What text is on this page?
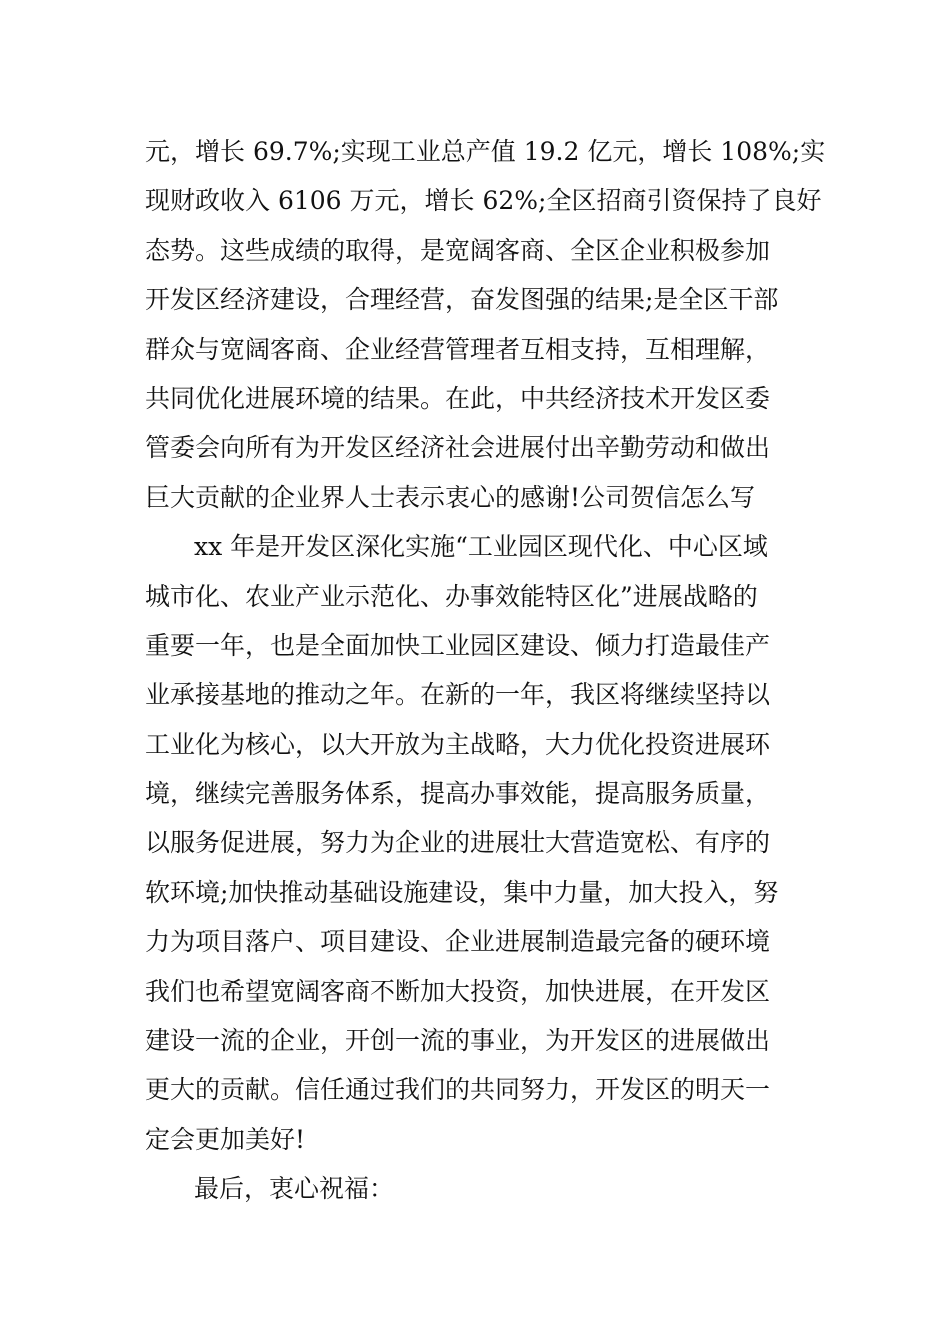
元，增长 69.7%;实现工业总产值 19.2 亿元，增长 108%;实
现财政收入 6106 万元，增长 62%;全区招商引资保持了良好
态势。这些成绩的取得，是宽阔客商、全区企业积极参加
开发区经济建设，合理经营，奋发图强的结果;是全区干部
群众与宽阔客商、企业经营管理者互相支持，互相理解，
共同优化进展环境的结果。在此，中共经济技术开发区委
管委会向所有为开发区经济社会进展付出辛勤劳动和做出
巨大贡献的企业界人士表示衷心的感谢!公司贺信怎么写
xx 年是开发区深化实施“工业园区现代化、中心区域
城市化、农业产业示范化、办事效能特区化”进展战略的
重要一年，也是全面加快工业园区建设、倾力打造最佳产
业承接基地的推动之年。在新的一年，我区将继续坚持以
工业化为核心，以大开放为主战略，大力优化投资进展环
境，继续完善服务体系，提高办事效能，提高服务质量，
以服务促进展，努力为企业的进展壮大营造宽松、有序的
软环境;加快推动基础设施建设，集中力量，加大投入，努
力为项目落户、项目建设、企业进展制造最完备的硬环境
我们也希望宽阔客商不断加大投资，加快进展，在开发区
建设一流的企业，开创一流的事业，为开发区的进展做出
更大的贡献。信任通过我们的共同努力，开发区的明天一
定会更加美好!
最后，衷心祝福：
